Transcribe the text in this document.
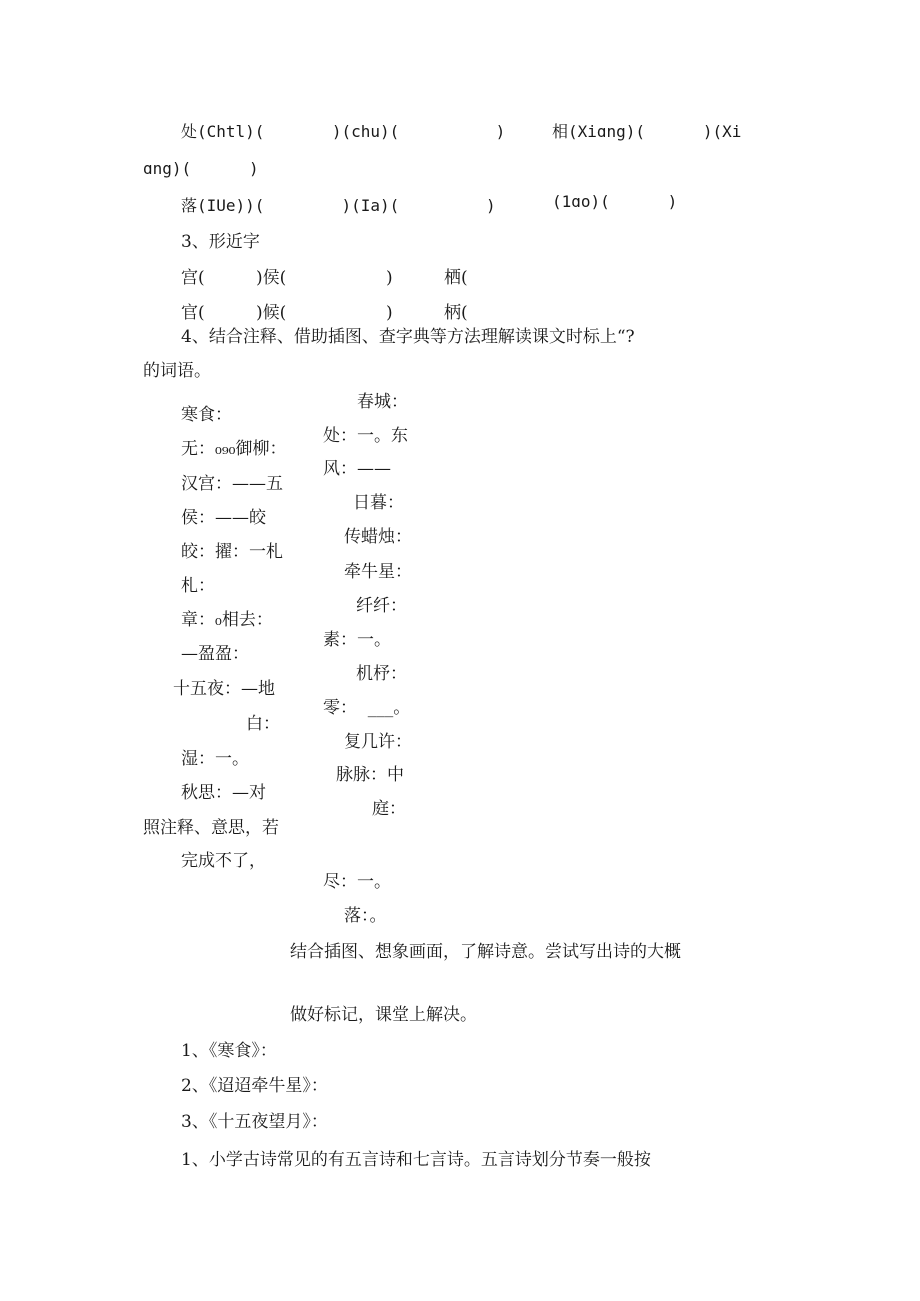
处(Chtl)(       )(chu)(          )	相(Xiɑng)(      )(Xi
ɑng)(      )
落(IUe))(        )(Ia)(         )	(1ɑo)(      )
3、形近字
宫(	)侯(	)	栖(
官(	)候(	)	柄(
4、结合注释、借助插图、查字典等方法理解读课文时标上“?
的词语。
寒食：
无：₀₉₀御柳：
汉宫：——五
侯：——皎
皎：擢：一札
札：
章：₀相去：
—盈盈：
十五夜：—地
白：
湿：一。
秋思：—对
照注释、意思，若
完成不了，
春城：
处：一。东
风：——
日暮：
传蜡烛：
牵牛星：
纤纤：
素：一。
机杼：
零：  ___。
复几许：
脉脉：中
庭：
尽：一。
落：。
结合插图、想象画面，了解诗意。尝试写出诗的大概
做好标记，课堂上解决。
1、《寒食》：
2、《迢迢牵牛星》：
3、《十五夜望月》：
1、小学古诗常见的有五言诗和七言诗。五言诗划分节奏一般按
